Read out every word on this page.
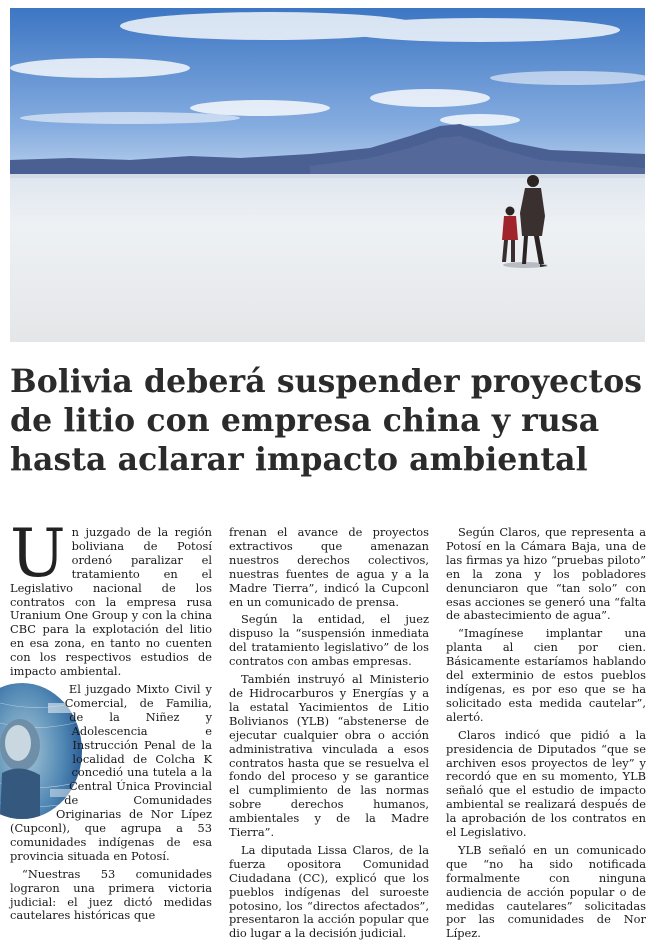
Bolivia deberá suspender proyectos
de litio con empresa china y rusa
hasta aclarar impacto ambiental

Un juzgado de la región boliviana de Potosí ordenó paralizar el tratamiento en el Legislativo nacional de los contratos con la empresa rusa Uranium One Group y con la china CBC para la explotación del litio en esa zona, en tanto no cuenten con los respectivos estudios de impacto ambiental.

El juzgado Mixto Civil y Comercial, de Familia, de la Niñez y Adolescencia e Instrucción Penal de la localidad de Colcha K concedió una tutela a la Central Única Provincial de Comunidades Originarias de Nor Lípez (Cupconl), que agrupa a 53 comunidades indígenas de esa provincia situada en Potosí.

“Nuestras 53 comunidades lograron una primera victoria judicial: el juez dictó medidas cautelares históricas que

frenan el avance de proyectos extractivos que amenazan nuestros derechos colectivos, nuestras fuentes de agua y a la Madre Tierra”, indicó la Cupconl en un comunicado de prensa.

Según la entidad, el juez dispuso la “suspensión inmediata del tratamiento legislativo” de los contratos con ambas empresas.

También instruyó al Ministerio de Hidrocarburos y Energías y a la estatal Yacimientos de Litio Bolivianos (YLB) “abstenerse de ejecutar cualquier obra o acción administrativa vinculada a esos contratos hasta que se resuelva el fondo del proceso y se garantice el cumplimiento de las normas sobre derechos humanos, ambientales y de la Madre Tierra”.

La diputada Lissa Claros, de la fuerza opositora Comunidad Ciudadana (CC), explicó que los pueblos indígenas del suroeste potosino, los “directos afectados”, presentaron la acción popular que dio lugar a la decisión judicial.

Según Claros, que representa a Potosí en la Cámara Baja, una de las firmas ya hizo “pruebas piloto” en la zona y los pobladores denunciaron que “tan solo” con esas acciones se generó una “falta de abastecimiento de agua”.

“Imagínese implantar una planta al cien por cien. Básicamente estaríamos hablando del exterminio de estos pueblos indígenas, es por eso que se ha solicitado esta medida cautelar”, alertó.

Claros indicó que pidió a la presidencia de Diputados “que se archiven esos proyectos de ley” y recordó que en su momento, YLB señaló que el estudio de impacto ambiental se realizará después de la aprobación de los contratos en el Legislativo.

YLB señaló en un comunicado que “no ha sido notificada formalmente con ninguna audiencia de acción popular o de medidas cautelares” solicitadas por las comunidades de Nor Lípez.
